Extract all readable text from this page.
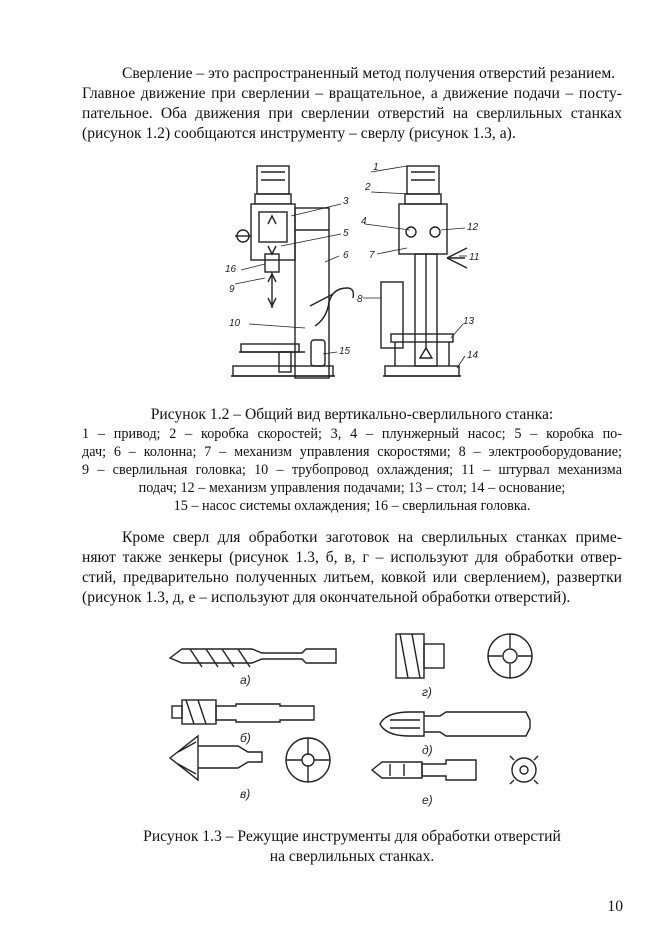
Сверление – это распространенный метод получения отверстий резанием.
Главное движение при сверлении – вращательное, а движение подачи – посту-
пательное. Оба движения при сверлении отверстий на сверлильных станках
(рисунок 1.2) сообщаются инструменту – сверлу (рисунок 1.3, а).
1
2
3
4
5
6 7
8
9
10
11
12
13
14
15
16
Рисунок 1.2 – Общий вид вертикально-сверлильного станка:
1 – привод; 2 – коробка скоростей; 3, 4 – плунжерный насос; 5 – коробка по-
дач; 6 – колонна; 7 – механизм управления скоростями; 8 – электрооборудование;
9 – сверлильная головка; 10 – трубопровод охлаждения; 11 – штурвал механизма
подач; 12 – механизм управления подачами; 13 – стол; 14 – основание;
15 – насос системы охлаждения; 16 – сверлильная головка.
Кроме сверл для обработки заготовок на сверлильных станках приме-
няют также зенкеры (рисунок 1.3, б, в, г – используют для обработки отвер-
стий, предварительно полученных литьем, ковкой или сверлением), развертки
(рисунок 1.3, д, е – используют для окончательной обработки отверстий).
а)
б)
в)
г)
д)
е)
Рисунок 1.3 – Режущие инструменты для обработки отверстий
на сверлильных станках.
10
